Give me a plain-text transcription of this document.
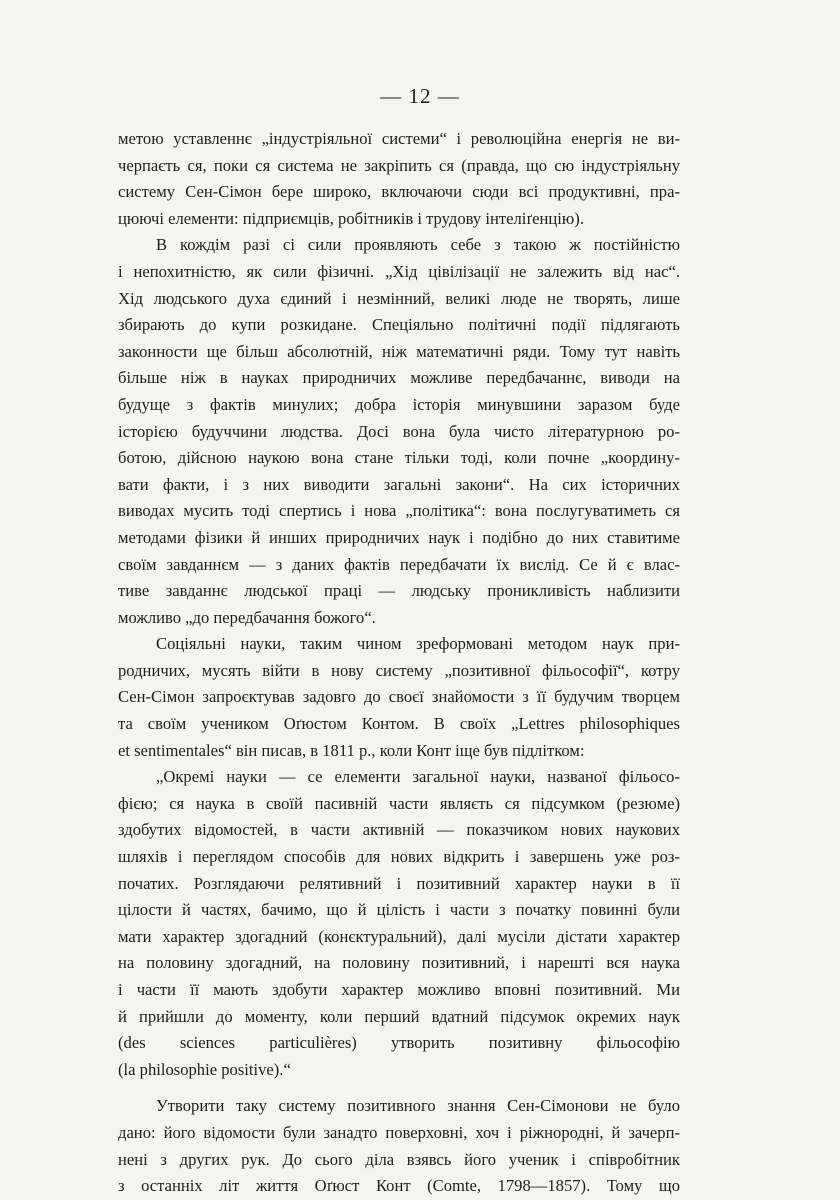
— 12 —
метою уставленнє „індустріяльної системи“ і революційна енергія не ви-
черпаєть ся, поки ся система не закріпить ся (правда, що сю індустріяльну
систему Сен-Сімон бере широко, включаючи сюди всі продуктивні, пра-
цюючі елементи: підприємців, робітників і трудову інтеліґенцію).
В кождім разі сі сили проявляють себе з такою ж постійністю
і непохитністю, як сили фізичні. „Хід цівілізації не залежить від нас“.
Хід людського духа єдиний і незмінний, великі люде не творять, лише
збирають до купи розкидане. Спеціяльно політичні події підлягають
законности ще більш абсолютній, ніж математичні ряди. Тому тут навіть
більше ніж в науках природничих можливе передбачаннє, виводи на
будуще з фактів минулих; добра історія минувшини заразом буде
історією будуччини людства. Досі вона була чисто літературною ро-
ботою, дійсною наукою вона стане тільки тоді, коли почне „координу-
вати факти, і з них виводити загальні закони“. На сих історичних
виводах мусить тоді спертись і нова „політика“: вона послугуватиметь ся
методами фізики й инших природничих наук і подібно до них ставитиме
своїм завданнєм — з даних фактів передбачати їх вислід. Се й є влас-
тиве завданнє людської праці — людську проникливість наблизити
можливо „до передбачання божого“.
Соціяльні науки, таким чином зреформовані методом наук при-
родничих, мусять війти в нову систему „позитивної фільософії“, котру
Сен-Сімон запроєктував задовго до своєї знайомости з її будучим творцем
та своїм учеником Оґюстом Контом. В своїх „Lettres philosophiques
et sentimentales“ він писав, в 1811 р., коли Конт іще був підлітком:
„Окремі науки — се елементи загальної науки, названої фільосо-
фією; ся наука в своїй пасивній части являєть ся підсумком (резюме)
здобутих відомостей, в части активній — показчиком нових наукових
шляхів і переглядом способів для нових відкрить і завершень уже роз-
початих. Розглядаючи релятивний і позитивний характер науки в її
цілости й частях, бачимо, що й цілість і части з початку повинні були
мати характер здогадний (конєктуральний), далі мусіли дістати характер
на половину здогадний, на половину позитивний, і нарешті вся наука
і части її мають здобути характер можливо вповні позитивний. Ми
й прийшли до моменту, коли перший вдатний підсумок окремих наук
(des sciences particulières) утворить позитивну фільософію
(la philosophie positive).“
Утворити таку систему позитивного знання Сен-Сімонови не було
дано: його відомости були занадто поверховні, хоч і ріжнородні, й зачерп-
нені з других рук. До сього діла взявсь його ученик і співробітник
з останніх літ життя Оґюст Конт (Comte, 1798—1857). Тому що
